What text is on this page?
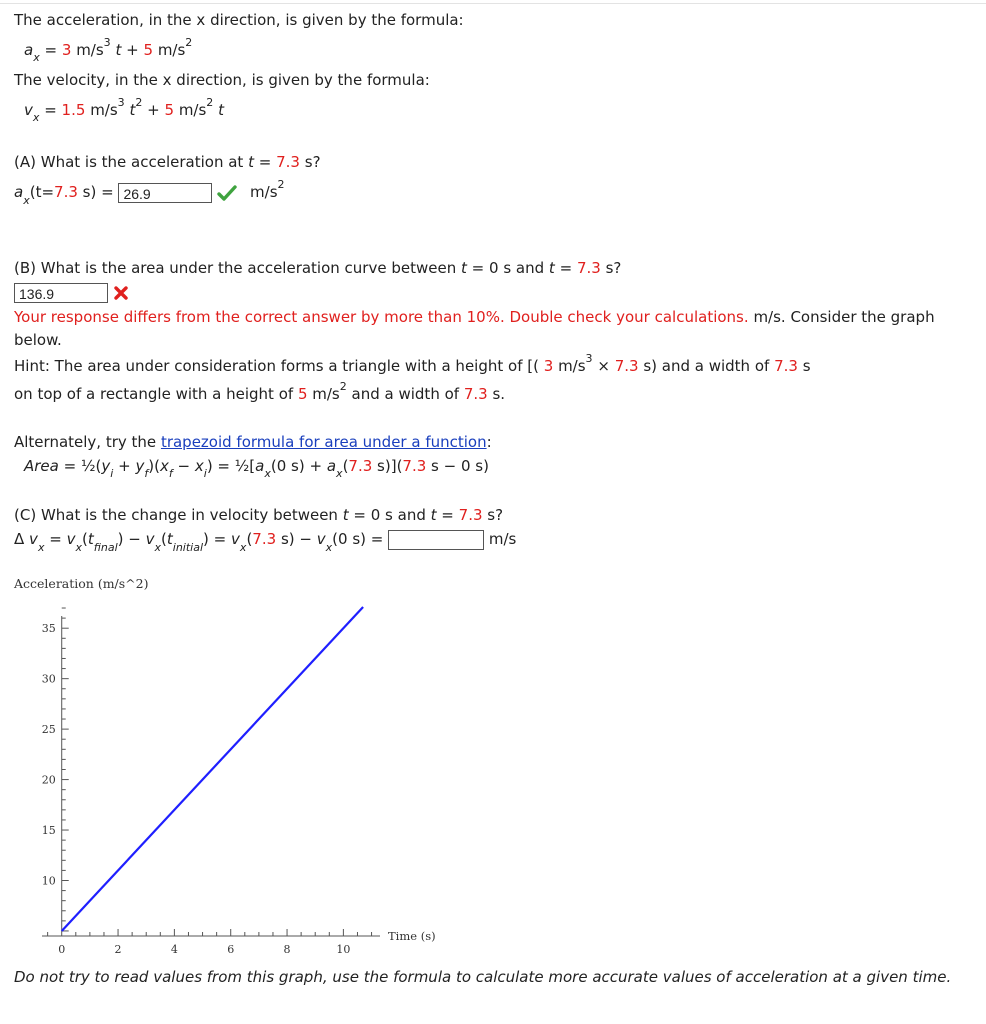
The acceleration, in the x direction, is given by the formula:
$a_x = 3$ $m/s^3$ t + 5 $m/s^2$
The velocity, in the x direction, is given by the formula:
$v_x = 1.5$ $m/s^3$ $t^2 + 5$ $m/s^2$ t
(A) What is the acceleration at t = 7.3 s?
$a_x(t=7.3$ s) = 26.9	$m/s^2$
(B) What is the area under the acceleration curve between t = 0 s and t = 7.3 s?
136.9
Your response differs from the correct answer by more than 10%. Double check your calculations. m/s. Consider the graph below.
Hint: The area under consideration forms a triangle with a height of [( 3 $m/s^3 \times 7.3$ s) and a width of 7.3 s
on top of a rectangle with a height of 5 $m/s^2$ and a width of 7.3 s.
Alternately, try the trapezoid formula for area under a function:
Area = $\frac{1}{2}(y_i + y_f)(x_f - x_i)$ = $\frac{1}{2}[a_x(0$ $s) + a_x(7.3$ s)](7.3 s − 0 s)
(C) What is the change in velocity between t = 0 s and t = 7.3 s?
Δ $v_x = v_x(t_{final}) - v_x(t_{initial}) = v_x(7.3$ $s) - v_x(0$ s) =	m/s
Acceleration (m/s^2)
0	2	4	6	8	10
10
15
20
25
30
35
Time (s)
Do not try to read values from this graph, use the formula to calculate more accurate values of acceleration at a given time.
